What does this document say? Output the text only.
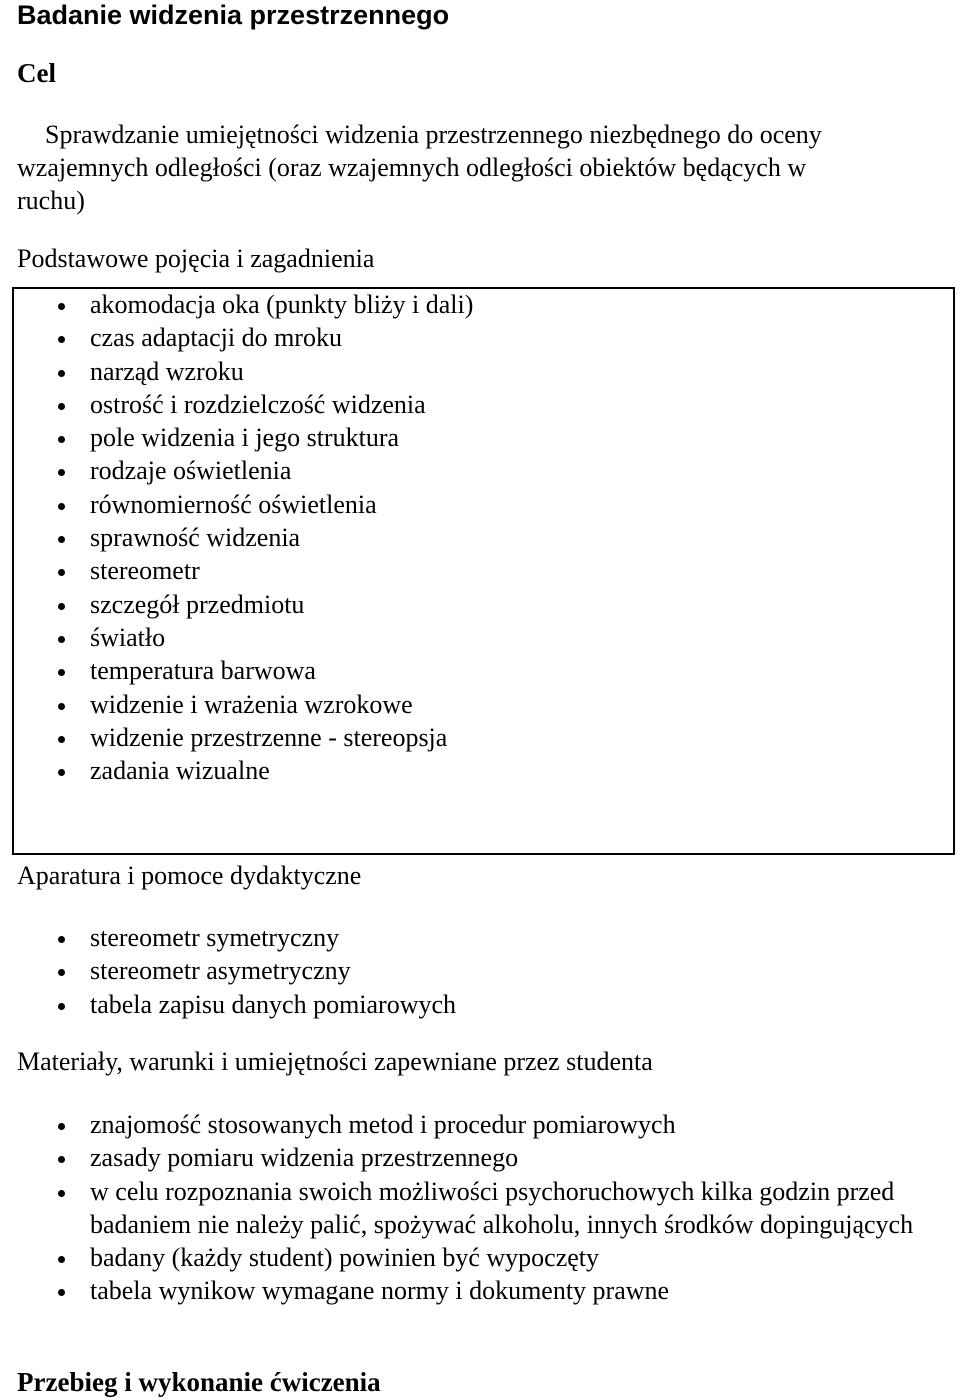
Badanie widzenia przestrzennego
Cel
Sprawdzanie umiejętności widzenia przestrzennego niezbędnego do oceny
wzajemnych odległości (oraz wzajemnych odległości obiektów będących w
ruchu)
Podstawowe pojęcia i zagadnienia
akomodacja oka (punkty bliży i dali)
czas adaptacji do mroku
narząd wzroku
ostrość i rozdzielczość widzenia
pole widzenia i jego struktura
rodzaje oświetlenia
równomierność oświetlenia
sprawność widzenia
stereometr
szczegół przedmiotu
światło
temperatura barwowa
widzenie i wrażenia wzrokowe
widzenie przestrzenne - stereopsja
zadania wizualne
Aparatura i pomoce dydaktyczne
stereometr symetryczny
stereometr asymetryczny
tabela zapisu danych pomiarowych
Materiały, warunki i umiejętności zapewniane przez studenta
znajomość stosowanych metod i procedur pomiarowych
zasady pomiaru widzenia przestrzennego
w celu rozpoznania swoich możliwości psychoruchowych kilka godzin przed badaniem nie należy palić, spożywać alkoholu, innych środków dopingujących
badany (każdy student) powinien być wypoczęty
tabela wynikow wymagane normy i dokumenty prawne
Przebieg i wykonanie ćwiczenia
